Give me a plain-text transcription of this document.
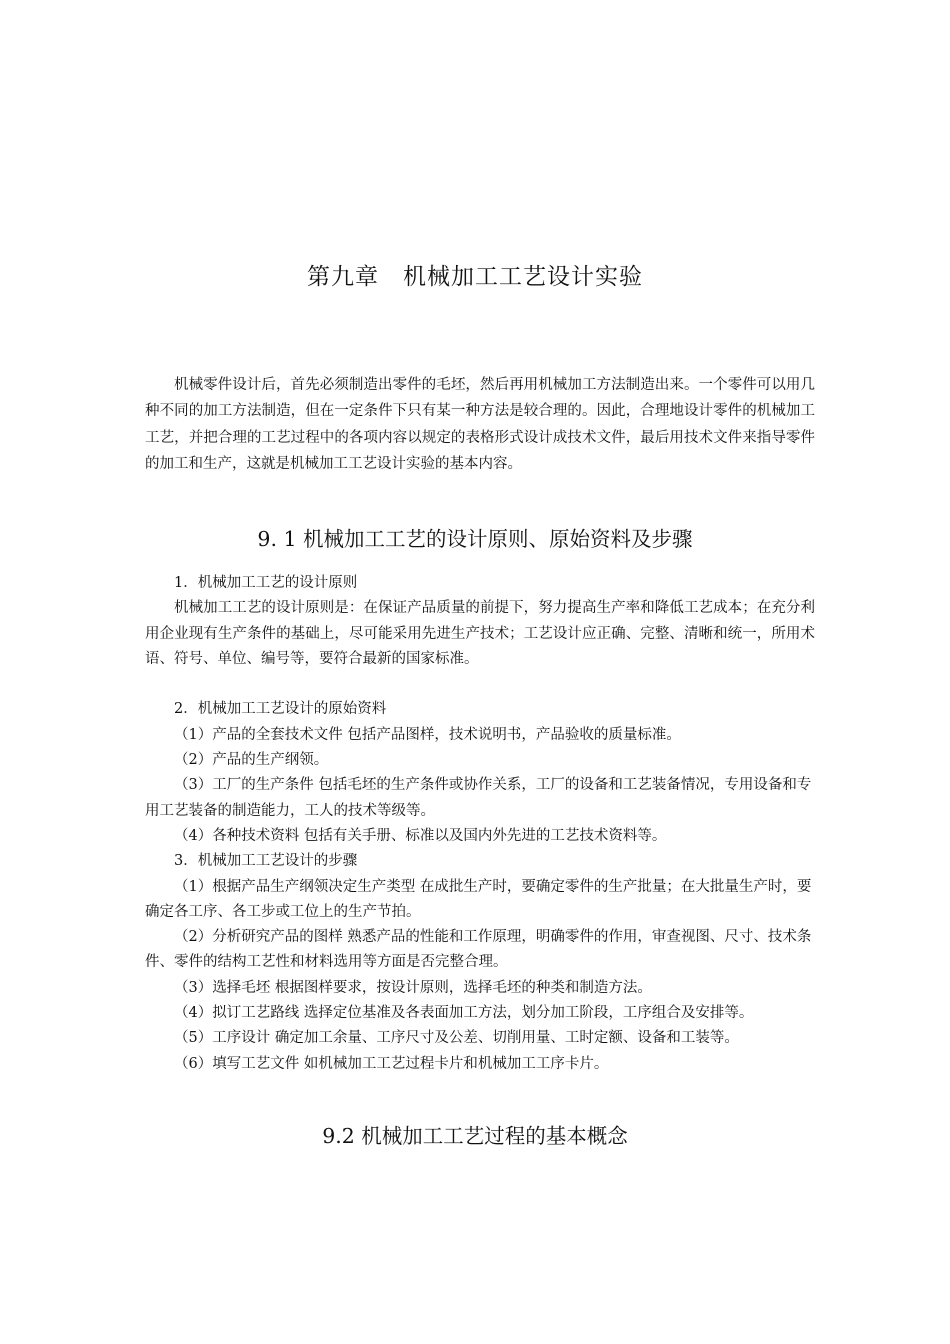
第九章　机械加工工艺设计实验

机械零件设计后，首先必须制造出零件的毛坯，然后再用机械加工方法制造出来。一个零件可以用几种不同的加工方法制造，但在一定条件下只有某一种方法是较合理的。因此，合理地设计零件的机械加工工艺，并把合理的工艺过程中的各项内容以规定的表格形式设计成技术文件，最后用技术文件来指导零件的加工和生产，这就是机械加工工艺设计实验的基本内容。

9. 1 机械加工工艺的设计原则、原始资料及步骤

1．机械加工工艺的设计原则

机械加工工艺的设计原则是：在保证产品质量的前提下，努力提高生产率和降低工艺成本；在充分利用企业现有生产条件的基础上，尽可能采用先进生产技术；工艺设计应正确、完整、清晰和统一，所用术语、符号、单位、编号等，要符合最新的国家标准。

2．机械加工工艺设计的原始资料

（1）产品的全套技术文件 包括产品图样，技术说明书，产品验收的质量标准。

（2）产品的生产纲领。

（3）工厂的生产条件 包括毛坯的生产条件或协作关系，工厂的设备和工艺装备情况，专用设备和专用工艺装备的制造能力，工人的技术等级等。

（4）各种技术资料 包括有关手册、标准以及国内外先进的工艺技术资料等。

3．机械加工工艺设计的步骤

（1）根据产品生产纲领决定生产类型 在成批生产时，要确定零件的生产批量；在大批量生产时，要确定各工序、各工步或工位上的生产节拍。

（2）分析研究产品的图样 熟悉产品的性能和工作原理，明确零件的作用，审查视图、尺寸、技术条件、零件的结构工艺性和材料选用等方面是否完整合理。

（3）选择毛坯 根据图样要求，按设计原则，选择毛坯的种类和制造方法。

（4）拟订工艺路线 选择定位基准及各表面加工方法，划分加工阶段，工序组合及安排等。

（5）工序设计 确定加工余量、工序尺寸及公差、切削用量、工时定额、设备和工装等。

（6）填写工艺文件 如机械加工工艺过程卡片和机械加工工序卡片。

9.2 机械加工工艺过程的基本概念
